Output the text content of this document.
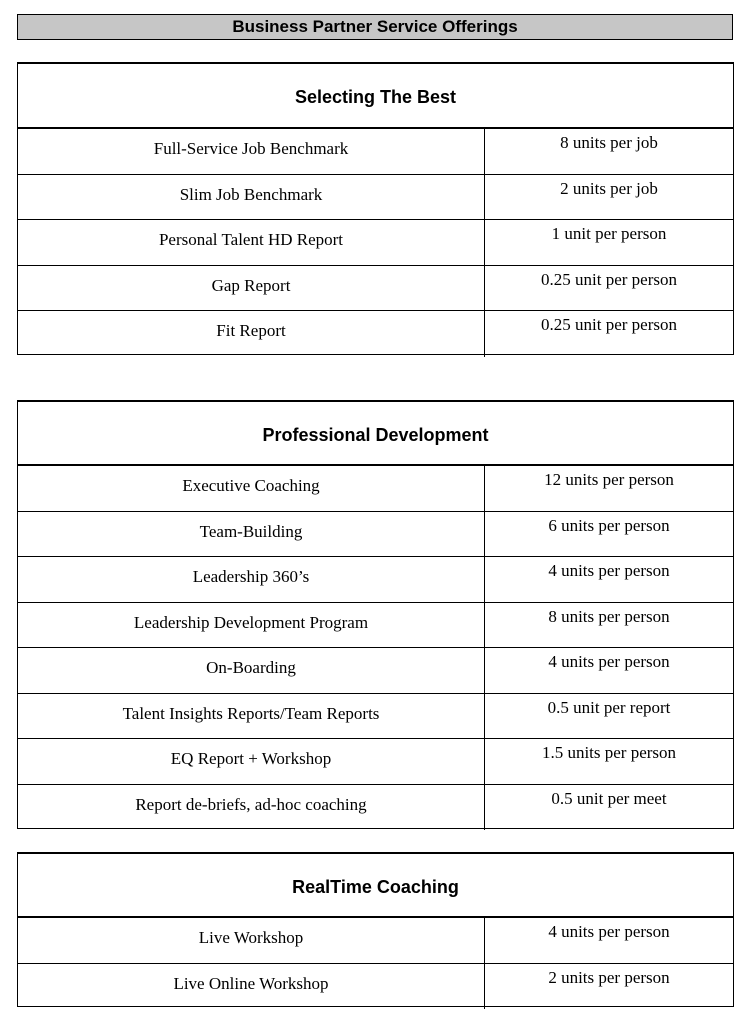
Business Partner Service Offerings
Selecting The Best
Full-Service Job Benchmark	8 units per job
Slim Job Benchmark	2 units per job
Personal Talent HD Report	1 unit per person
Gap Report	0.25 unit per person
Fit Report	0.25 unit per person
Professional Development
Executive Coaching	12 units per person
Team-Building	6 units per person
Leadership 360’s	4 units per person
Leadership Development Program	8 units per person
On-Boarding	4 units per person
Talent Insights Reports/Team Reports	0.5 unit per report
EQ Report + Workshop	1.5 units per person
Report de-briefs, ad-hoc coaching	0.5 unit per meet
RealTime Coaching
Live Workshop	4 units per person
Live Online Workshop	2 units per person
